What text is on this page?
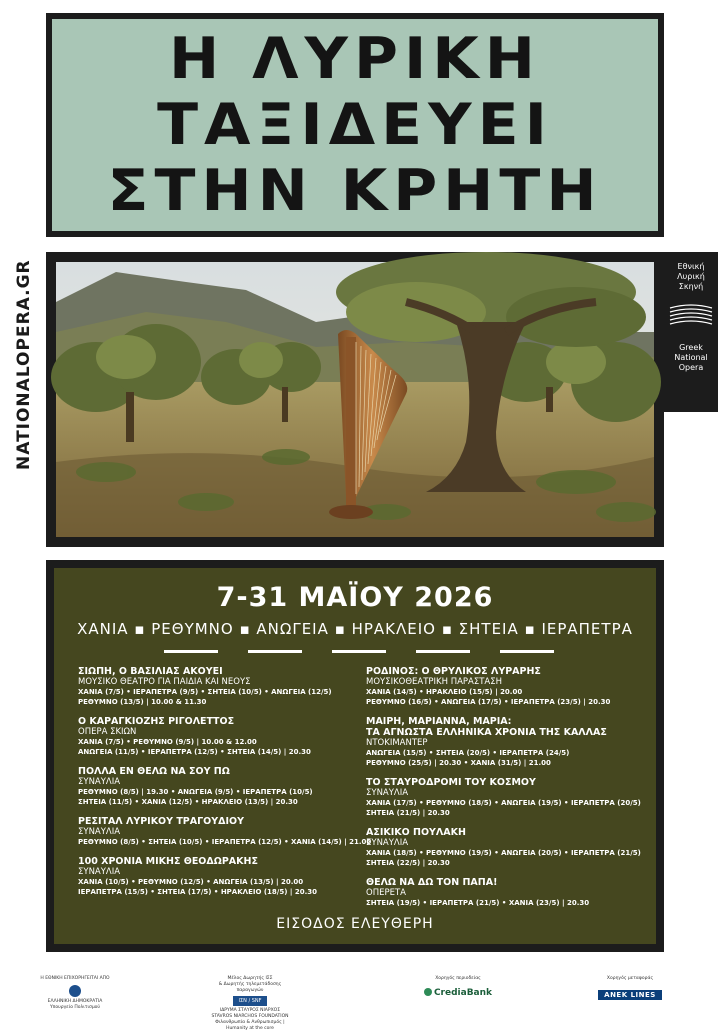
Η ΛΥΡΙΚΗ
ΤΑΞΙΔΕΥΕΙ
ΣΤΗΝ ΚΡΗΤΗ
NATIONALOPERA.GR	Εθνική
Λυρική
Σκηνή
Greek
National
Opera
7-31 ΜΑΪΟΥ 2026
ΧΑΝΙΑ ▪ ΡΕΘΥΜΝΟ ▪ ΑΝΩΓΕΙΑ ▪ ΗΡΑΚΛΕΙΟ ▪ ΣΗΤΕΙΑ ▪ ΙΕΡΑΠΕΤΡΑ
ΣΙΩΠΗ, Ο ΒΑΣΙΛΙΑΣ ΑΚΟΥΕΙ
ΜΟΥΣΙΚΟ ΘΕΑΤΡΟ ΓΙΑ ΠΑΙΔΙΑ ΚΑΙ ΝΕΟΥΣ
ΧΑΝΙΑ (7/5) • ΙΕΡΑΠΕΤΡΑ (9/5) • ΣΗΤΕΙΑ (10/5) • ΑΝΩΓΕΙΑ (12/5)
ΡΕΘΥΜΝΟ (13/5) | 10.00 & 11.30
Ο ΚΑΡΑΓΚΙΟΖΗΣ ΡΙΓΟΛΕΤΤΟΣ
ΟΠΕΡΑ ΣΚΙΩΝ
ΧΑΝΙΑ (7/5) • ΡΕΘΥΜΝΟ (9/5) | 10.00 & 12.00
ΑΝΩΓΕΙΑ (11/5) • ΙΕΡΑΠΕΤΡΑ (12/5) • ΣΗΤΕΙΑ (14/5) | 20.30
ΠΟΛΛΑ ΕΝ ΘΕΛΩ ΝΑ ΣΟΥ ΠΩ
ΣΥΝΑΥΛΙΑ
ΡΕΘΥΜΝΟ (8/5) | 19.30 • ΑΝΩΓΕΙΑ (9/5) • ΙΕΡΑΠΕΤΡΑ (10/5)
ΣΗΤΕΙΑ (11/5) • ΧΑΝΙΑ (12/5) • ΗΡΑΚΛΕΙΟ (13/5) | 20.30
ΡΕΣΙΤΑΛ ΛΥΡΙΚΟΥ ΤΡΑΓΟΥΔΙΟΥ
ΣΥΝΑΥΛΙΑ
ΡΕΘΥΜΝΟ (8/5) • ΣΗΤΕΙΑ (10/5) • ΙΕΡΑΠΕΤΡΑ (12/5) • ΧΑΝΙΑ (14/5) | 21.00
100 ΧΡΟΝΙΑ ΜΙΚΗΣ ΘΕΟΔΩΡΑΚΗΣ
ΣΥΝΑΥΛΙΑ
ΧΑΝΙΑ (10/5) • ΡΕΘΥΜΝΟ (12/5) • ΑΝΩΓΕΙΑ (13/5) | 20.00
ΙΕΡΑΠΕΤΡΑ (15/5) • ΣΗΤΕΙΑ (17/5) • ΗΡΑΚΛΕΙΟ (18/5) | 20.30
ΡΟΔΙΝΟΣ: Ο ΘΡΥΛΙΚΟΣ ΛΥΡΑΡΗΣ
ΜΟΥΣΙΚΟΘΕΑΤΡΙΚΗ ΠΑΡΑΣΤΑΣΗ
ΧΑΝΙΑ (14/5) • ΗΡΑΚΛΕΙΟ (15/5) | 20.00
ΡΕΘΥΜΝΟ (16/5) • ΑΝΩΓΕΙΑ (17/5) • ΙΕΡΑΠΕΤΡΑ (23/5) | 20.30
ΜΑΙΡΗ, ΜΑΡΙΑΝΝΑ, ΜΑΡΙΑ:
ΤΑ ΑΓΝΩΣΤΑ ΕΛΛΗΝΙΚΑ ΧΡΟΝΙΑ ΤΗΣ ΚΑΛΛΑΣ
ΝΤΟΚΙΜΑΝΤΕΡ
ΑΝΩΓΕΙΑ (15/5) • ΣΗΤΕΙΑ (20/5) • ΙΕΡΑΠΕΤΡΑ (24/5)
ΡΕΘΥΜΝΟ (25/5) | 20.30 • ΧΑΝΙΑ (31/5) | 21.00
ΤΟ ΣΤΑΥΡΟΔΡΟΜΙ ΤΟΥ ΚΟΣΜΟΥ
ΣΥΝΑΥΛΙΑ
ΧΑΝΙΑ (17/5) • ΡΕΘΥΜΝΟ (18/5) • ΑΝΩΓΕΙΑ (19/5) • ΙΕΡΑΠΕΤΡΑ (20/5)
ΣΗΤΕΙΑ (21/5) | 20.30
ΑΣΙΚΙΚΟ ΠΟΥΛΑΚΗ
ΣΥΝΑΥΛΙΑ
ΧΑΝΙΑ (18/5) • ΡΕΘΥΜΝΟ (19/5) • ΑΝΩΓΕΙΑ (20/5) • ΙΕΡΑΠΕΤΡΑ (21/5)
ΣΗΤΕΙΑ (22/5) | 20.30
ΘΕΛΩ ΝΑ ΔΩ ΤΟΝ ΠΑΠΑ!
ΟΠΕΡΕΤΑ
ΣΗΤΕΙΑ (19/5) • ΙΕΡΑΠΕΤΡΑ (21/5) • ΧΑΝΙΑ (23/5) | 20.30
ΕΙΣΟΔΟΣ ΕΛΕΥΘΕΡΗ
Η ΕΘΝΙΚΗ ΕΠΙΧΟΡΗΓΕΙΤΑΙ ΑΠΟ
ΕΛΛΗΝΙΚΗ ΔΗΜΟΚΡΑΤΙΑ
Υπουργείο Πολιτισμού
Μέλος Δωρητής ΙΣΣ
& Δωρητής τηλεμετάδοσης παραγωγών
ΙΣΝ / SNF
ΙΔΡΥΜΑ ΣΤΑΥΡΟΣ ΝΙΑΡΧΟΣ
STAVROS NIARCHOS FOUNDATION
Φιλανθρωπία & Ανθρωπισμός | Humanity at the core
Χορηγός περιοδείας
CrediaBank
Χορηγός μεταφοράς
ANEK LINES
